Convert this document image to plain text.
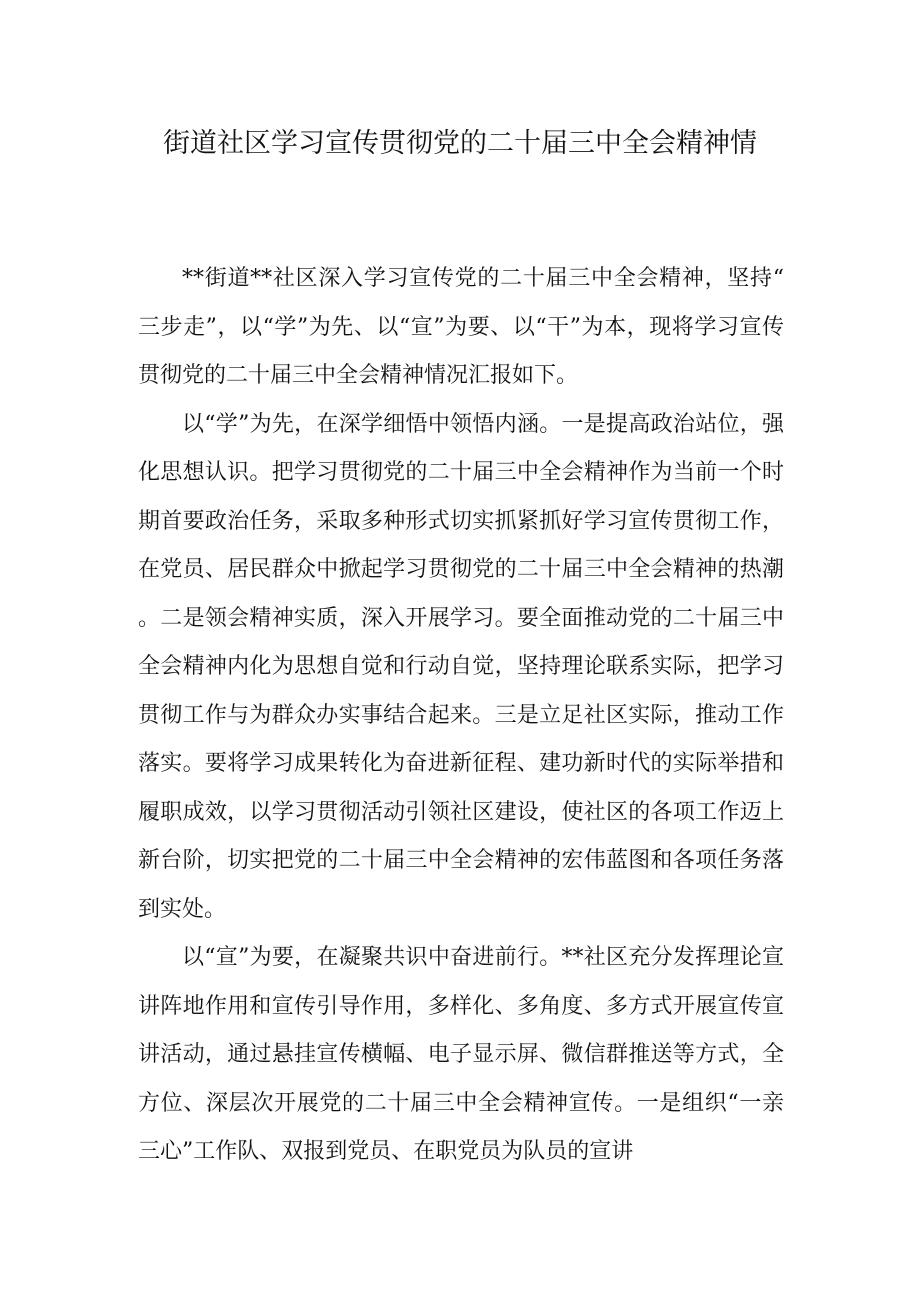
街道社区学习宣传贯彻党的二十届三中全会精神情

**街道**社区深入学习宣传党的二十届三中全会精神，坚持“三步走”，以“学”为先、以“宣”为要、以“干”为本，现将学习宣传贯彻党的二十届三中全会精神情况汇报如下。

以“学”为先，在深学细悟中领悟内涵。一是提高政治站位，强化思想认识。把学习贯彻党的二十届三中全会精神作为当前一个时期首要政治任务，采取多种形式切实抓紧抓好学习宣传贯彻工作，在党员、居民群众中掀起学习贯彻党的二十届三中全会精神的热潮。二是领会精神实质，深入开展学习。要全面推动党的二十届三中全会精神内化为思想自觉和行动自觉，坚持理论联系实际，把学习贯彻工作与为群众办实事结合起来。三是立足社区实际，推动工作落实。要将学习成果转化为奋进新征程、建功新时代的实际举措和履职成效，以学习贯彻活动引领社区建设，使社区的各项工作迈上新台阶，切实把党的二十届三中全会精神的宏伟蓝图和各项任务落到实处。

以“宣”为要，在凝聚共识中奋进前行。**社区充分发挥理论宣讲阵地作用和宣传引导作用，多样化、多角度、多方式开展宣传宣讲活动，通过悬挂宣传横幅、电子显示屏、微信群推送等方式，全方位、深层次开展党的二十届三中全会精神宣传。一是组织“一亲三心”工作队、双报到党员、在职党员为队员的宣讲
